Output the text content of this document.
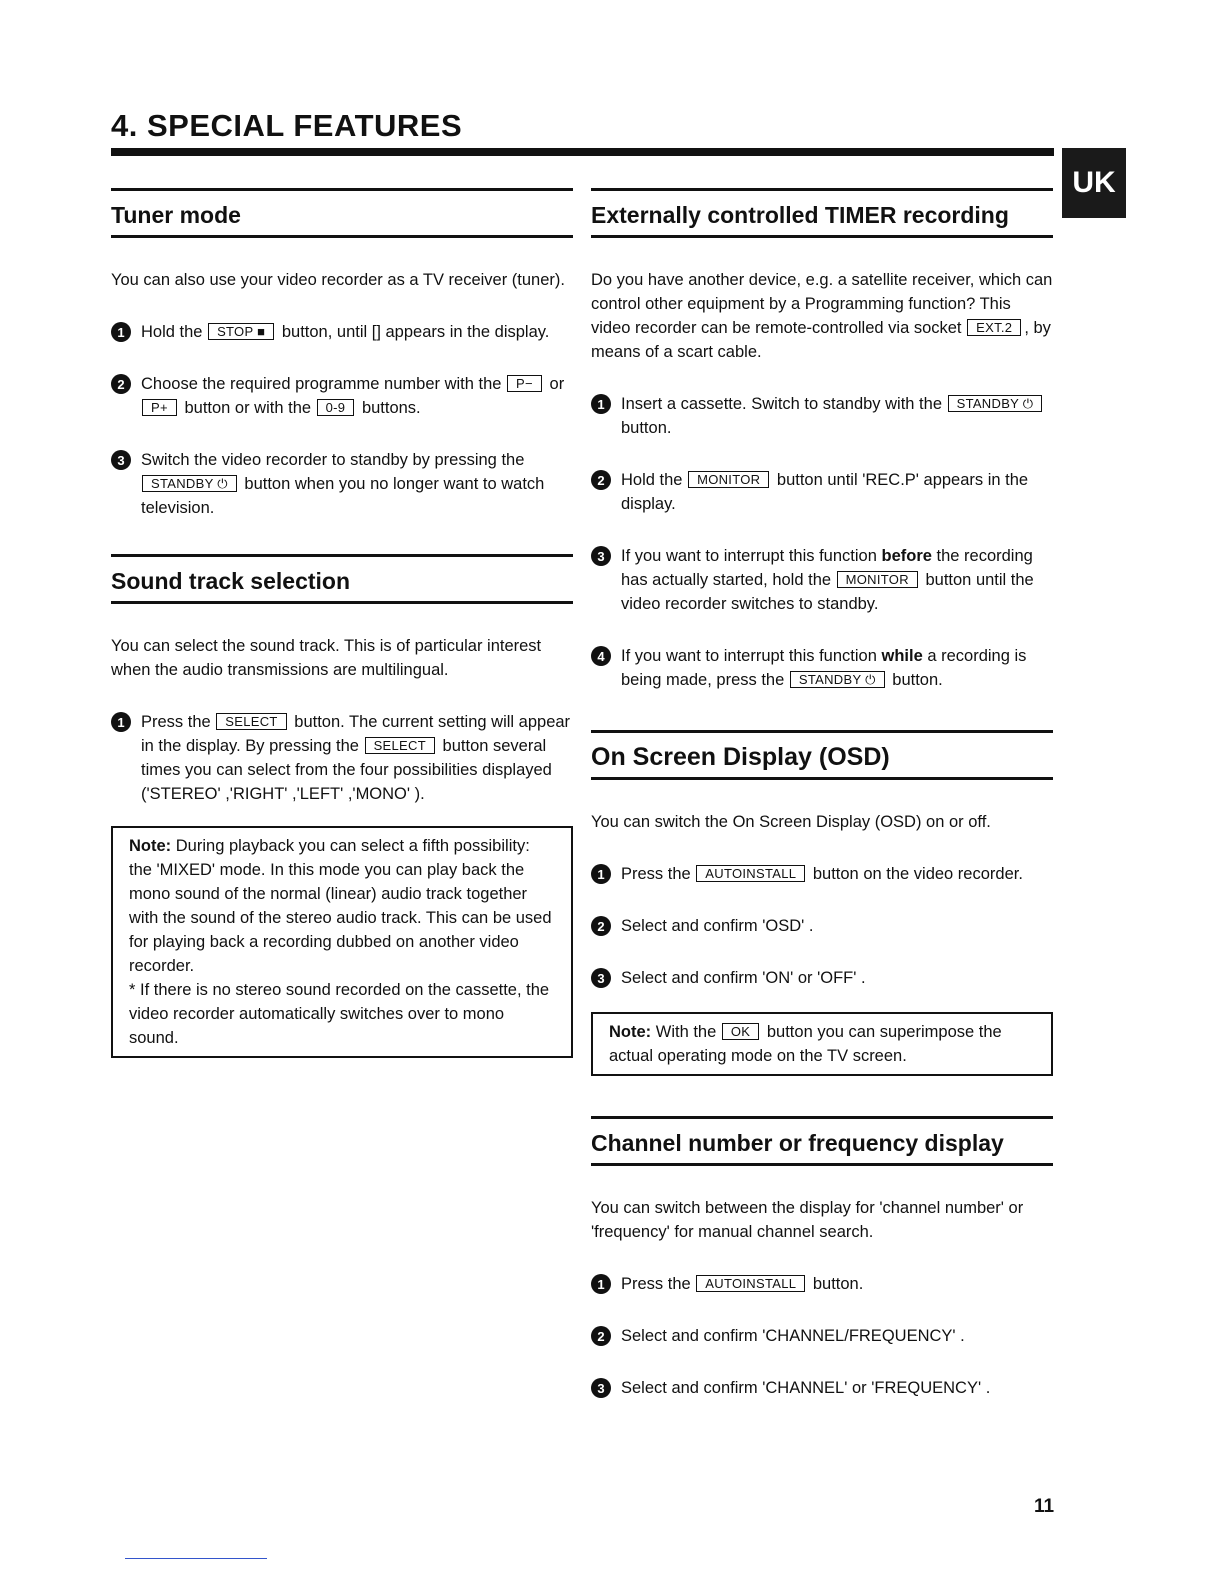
4. SPECIAL FEATURES
UK
Tuner mode

You can also use your video recorder as a TV receiver (tuner).

1 Hold the STOP ■ button, until [] appears in the display.
2 Choose the required programme number with the P− or P+ button or with the 0-9 buttons.
3 Switch the video recorder to standby by pressing the STANDBY ⏻ button when you no longer want to watch television.
Sound track selection

You can select the sound track. This is of particular interest when the audio transmissions are multilingual.

1 Press the SELECT button. The current setting will appear in the display. By pressing the SELECT button several times you can select from the four possibilities displayed ('STEREO' ,'RIGHT' ,'LEFT' ,'MONO' ).
Note: During playback you can select a fifth possibility: the 'MIXED' mode. In this mode you can play back the mono sound of the normal (linear) audio track together with the sound of the stereo audio track. This can be used for playing back a recording dubbed on another video recorder.
* If there is no stereo sound recorded on the cassette, the video recorder automatically switches over to mono sound.
Externally controlled TIMER recording

Do you have another device, e.g. a satellite receiver, which can control other equipment by a Programming function? This video recorder can be remote-controlled via socket EXT.2 , by means of a scart cable.

1 Insert a cassette. Switch to standby with the STANDBY ⏻ button.
2 Hold the MONITOR button until 'REC.P' appears in the display.
3 If you want to interrupt this function before the recording has actually started, hold the MONITOR button until the video recorder switches to standby.
4 If you want to interrupt this function while a recording is being made, press the STANDBY ⏻ button.
On Screen Display (OSD)

You can switch the On Screen Display (OSD) on or off.

1 Press the AUTOINSTALL button on the video recorder.
2 Select and confirm 'OSD' .
3 Select and confirm 'ON' or 'OFF' .
Note: With the OK button you can superimpose the actual operating mode on the TV screen.
Channel number or frequency display

You can switch between the display for 'channel number' or 'frequency' for manual channel search.

1 Press the AUTOINSTALL button.
2 Select and confirm 'CHANNEL/FREQUENCY' .
3 Select and confirm 'CHANNEL' or 'FREQUENCY' .
11
